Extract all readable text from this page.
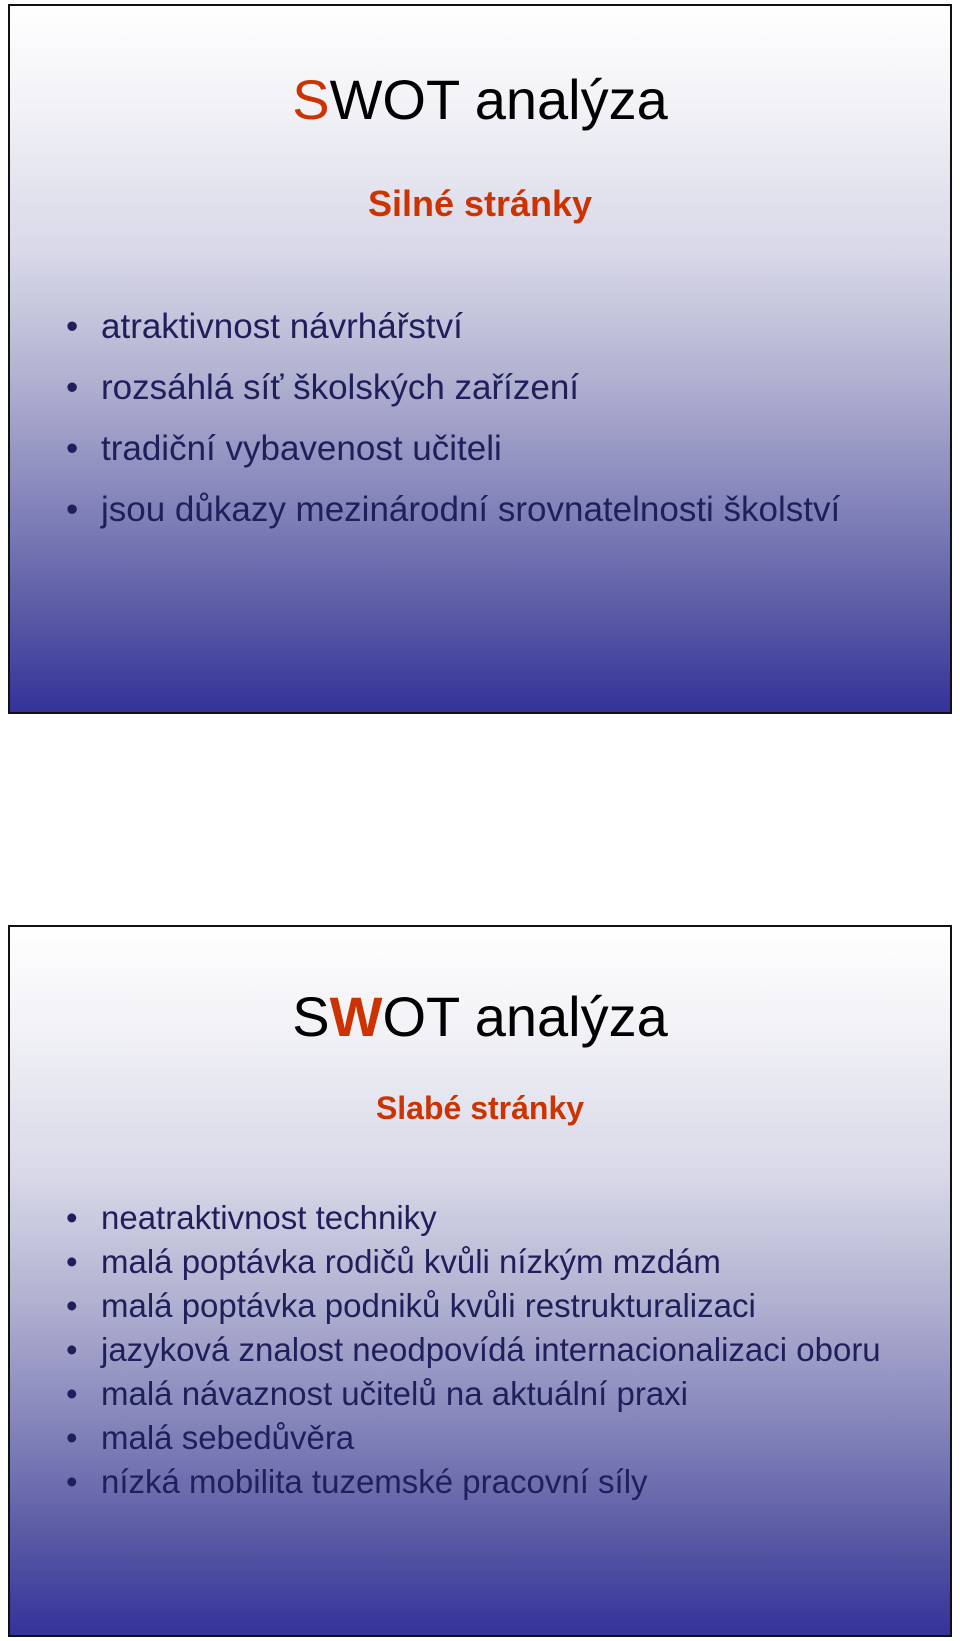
SWOT analýza
Silné stránky
• atraktivnost návrhářství
• rozsáhlá síť školských zařízení
• tradiční vybavenost učiteli
• jsou důkazy mezinárodní srovnatelnosti školství
SWOT analýza
Slabé stránky
• neatraktivnost techniky
• malá poptávka rodičů kvůli nízkým mzdám
• malá poptávka podniků kvůli restrukturalizaci
• jazyková znalost neodpovídá internacionalizaci oboru
• malá návaznost učitelů na aktuální praxi
• malá sebedůvěra
• nízká mobilita tuzemské pracovní síly
